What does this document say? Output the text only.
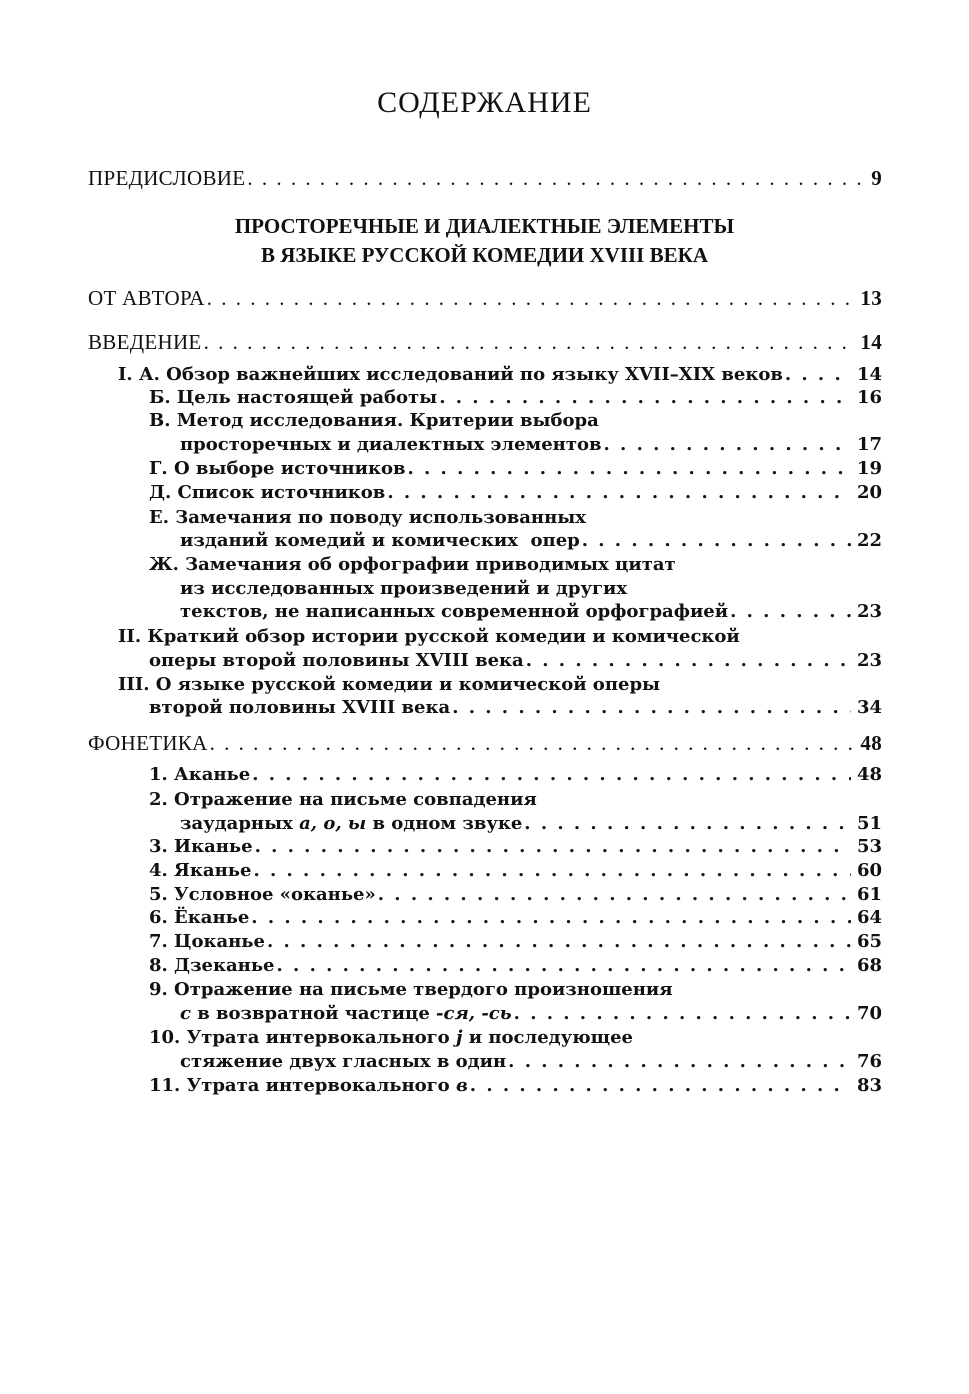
СОДЕРЖАНИЕ
ПРЕДИСЛОВИЕ . . .	9
ПРОСТОРЕЧНЫЕ И ДИАЛЕКТНЫЕ ЭЛЕМЕНТЫ
В ЯЗЫКЕ РУССКОЙ КОМЕДИИ XVIII ВЕКА
ОТ АВТОРА . . .	13
ВВЕДЕНИЕ . . .	14
I. А. Обзор важнейших исследований по языку XVII–XIX веков . . .	14
Б. Цель настоящей работы . . .	16
В. Метод исследования. Критерии выбора
просторечных и диалектных элементов . . .	17
Г. О выборе источников . . .	19
Д. Список источников . . .	20
Е. Замечания по поводу использованных
изданий комедий и комических  опер . . .	22
Ж. Замечания об орфографии приводимых цитат
из исследованных произведений и других
текстов, не написанных современной орфографией . . .	23
II. Краткий обзор истории русской комедии и комической
оперы второй половины XVIII века . . .	23
III. О языке русской комедии и комической оперы
второй половины XVIII века . . .	34
ФОНЕТИКА . . .	48
1. Аканье . . .	48
2. Отражение на письме совпадения
заударных а, о, ы в одном звуке . . .	51
3. Иканье . . .	53
4. Яканье . . .	60
5. Условное «оканье» . . .	61
6. Ёканье . . .	64
7. Цоканье . . .	65
8. Дзеканье . . .	68
9. Отражение на письме твердого произношения
с в возвратной частице -ся, -сь . . .	70
10. Утрата интервокального j и последующее
стяжение двух гласных в один . . .	76
11. Утрата интервокального в . . .	83
